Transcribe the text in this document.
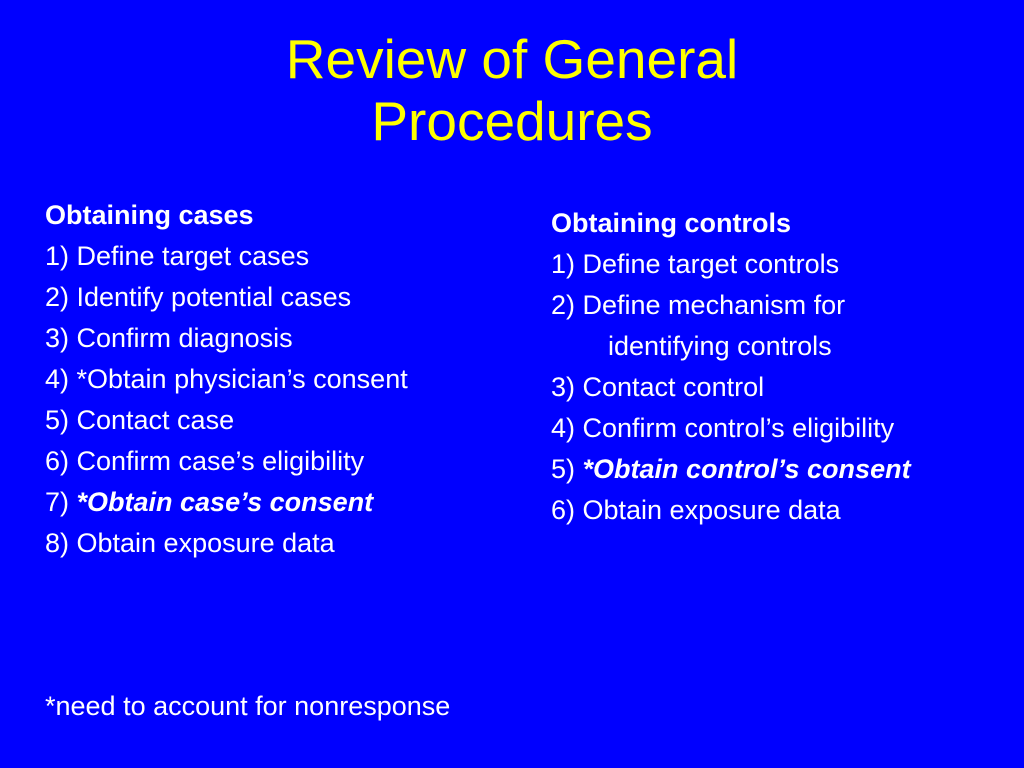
Review of General
Procedures
Obtaining cases
1) Define target cases
2) Identify potential cases
3) Confirm diagnosis
4) *Obtain physician’s consent
5) Contact case
6) Confirm case’s eligibility
7) *Obtain case’s consent
8) Obtain exposure data
Obtaining controls
1) Define target controls
2) Define mechanism for
identifying controls
3) Contact control
4) Confirm control’s eligibility
5) *Obtain control’s consent
6) Obtain exposure data
*need to account for nonresponse
